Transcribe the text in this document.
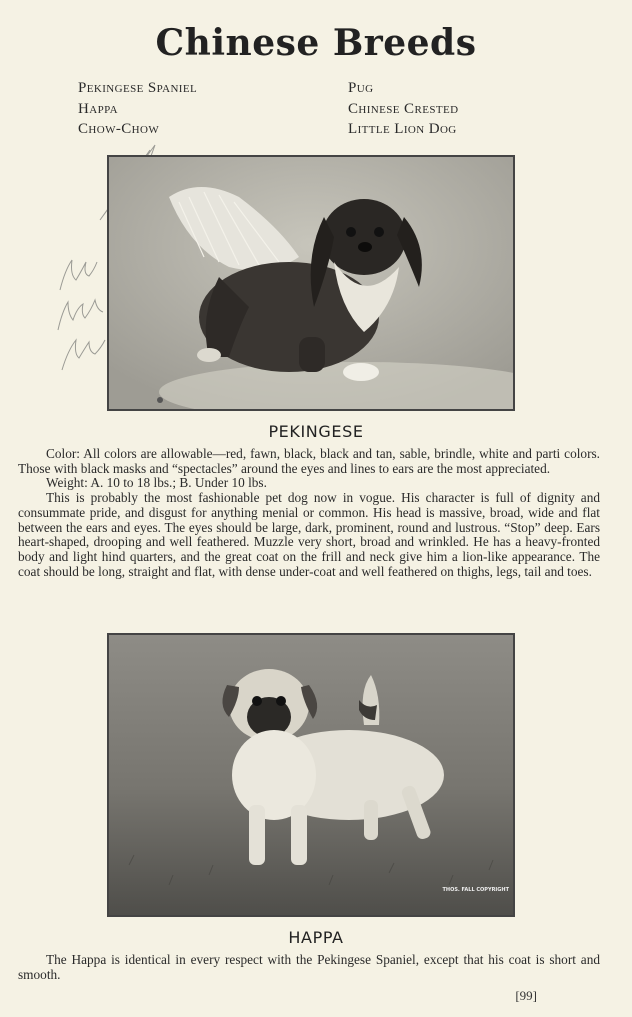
Chinese Breeds
Pekingese Spaniel
Happa
Chow-Chow
Pug
Chinese Crested
Little Lion Dog
PEKINGESE

Color: All colors are allowable—red, fawn, black, black and tan, sable, brindle, white and parti colors. Those with black masks and “spectacles” around the eyes and lines to ears are the most appreciated.

Weight: A. 10 to 18 lbs.; B. Under 10 lbs.

This is probably the most fashionable pet dog now in vogue. His character is full of dignity and consummate pride, and disgust for anything menial or common. His head is massive, broad, wide and flat between the ears and eyes. The eyes should be large, dark, prominent, round and lustrous. “Stop” deep. Ears heart-shaped, drooping and well feathered. Muzzle very short, broad and wrinkled. He has a heavy-fronted body and light hind quarters, and the great coat on the frill and neck give him a lion-like appearance. The coat should be long, straight and flat, with dense under-coat and well feathered on thighs, legs, tail and toes.

THOS. FALL COPYRIGHT
HAPPA

The Happa is identical in every respect with the Pekingese Spaniel, except that his coat is short and smooth.

[99]
